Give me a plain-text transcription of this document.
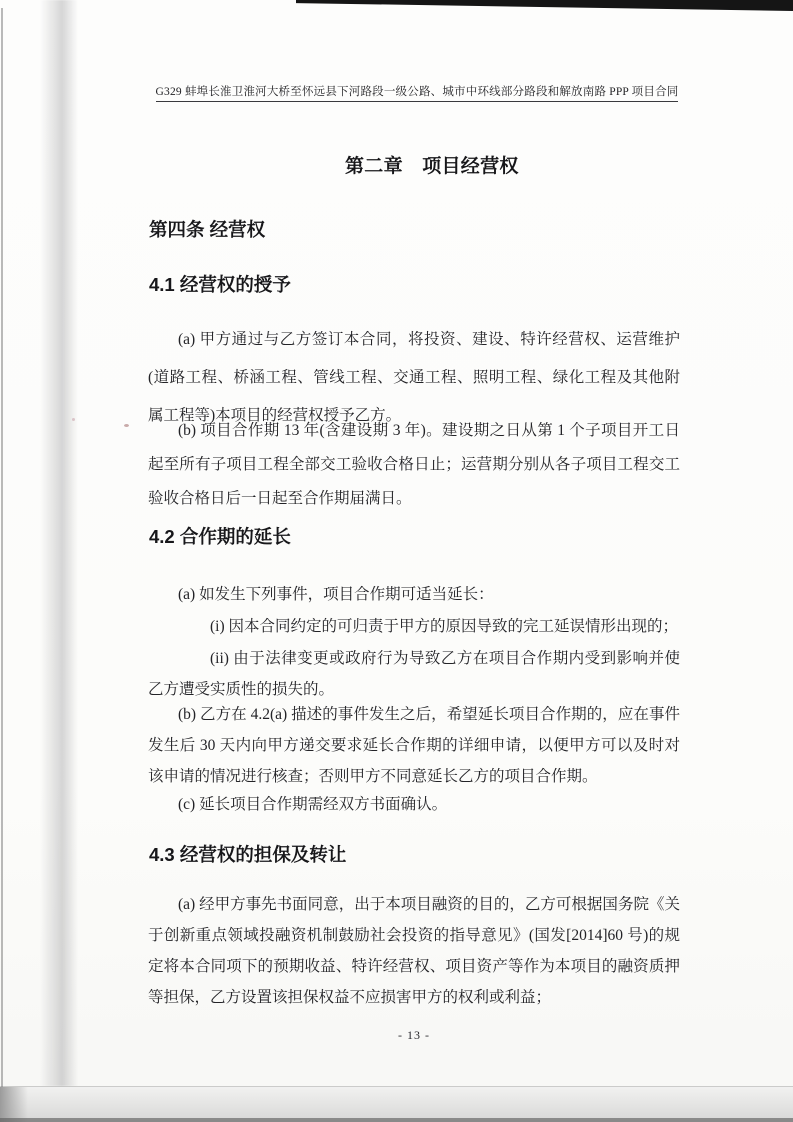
G329 蚌埠长淮卫淮河大桥至怀远县下河路段一级公路、城市中环线部分路段和解放南路 PPP 项目合同
第二章　项目经营权
第四条 经营权
4.1 经营权的授予
(a) 甲方通过与乙方签订本合同，将投资、建设、特许经营权、运营维护(道路工程、桥涵工程、管线工程、交通工程、照明工程、绿化工程及其他附属工程等)本项目的经营权授予乙方。
(b) 项目合作期 13 年(含建设期 3 年)。建设期之日从第 1 个子项目开工日起至所有子项目工程全部交工验收合格日止；运营期分别从各子项目工程交工验收合格日后一日起至合作期届满日。
4.2 合作期的延长
(a) 如发生下列事件，项目合作期可适当延长：
(i) 因本合同约定的可归责于甲方的原因导致的完工延误情形出现的；
(ii) 由于法律变更或政府行为导致乙方在项目合作期内受到影响并使乙方遭受实质性的损失的。
(b) 乙方在 4.2(a) 描述的事件发生之后，希望延长项目合作期的，应在事件发生后 30 天内向甲方递交要求延长合作期的详细申请，以便甲方可以及时对该申请的情况进行核查；否则甲方不同意延长乙方的项目合作期。
(c) 延长项目合作期需经双方书面确认。
4.3 经营权的担保及转让
(a) 经甲方事先书面同意，出于本项目融资的目的，乙方可根据国务院《关于创新重点领域投融资机制鼓励社会投资的指导意见》(国发[2014]60 号)的规定将本合同项下的预期收益、特许经营权、项目资产等作为本项目的融资质押等担保，乙方设置该担保权益不应损害甲方的权利或利益；
- 13 -
